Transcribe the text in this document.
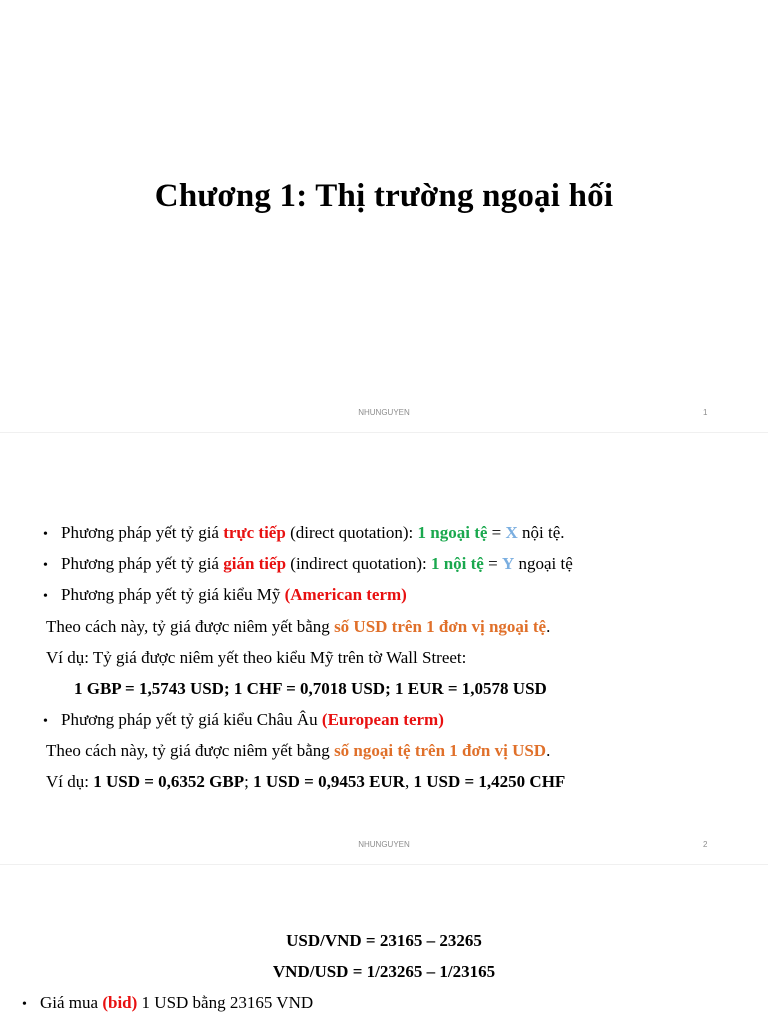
Chương 1: Thị trường ngoại hối
NHUNGUYEN	1
• Phương pháp yết tỷ giá trực tiếp (direct quotation): 1 ngoại tệ = X nội tệ.
• Phương pháp yết tỷ giá gián tiếp (indirect quotation): 1 nội tệ = Y ngoại tệ
• Phương pháp yết tỷ giá kiểu Mỹ (American term)
Theo cách này, tỷ giá được niêm yết bằng số USD trên 1 đơn vị ngoại tệ.
Ví dụ: Tỷ giá được niêm yết theo kiểu Mỹ trên tờ Wall Street:
1 GBP = 1,5743 USD; 1 CHF = 0,7018 USD; 1 EUR = 1,0578 USD
• Phương pháp yết tỷ giá kiểu Châu Âu (European term)
Theo cách này, tỷ giá được niêm yết bằng số ngoại tệ trên 1 đơn vị USD.
Ví dụ: 1 USD = 0,6352 GBP; 1 USD = 0,9453 EUR, 1 USD = 1,4250 CHF
NHUNGUYEN	2
USD/VND = 23165 – 23265
VND/USD = 1/23265 – 1/23165
• Giá mua (bid) 1 USD bằng 23165 VND
